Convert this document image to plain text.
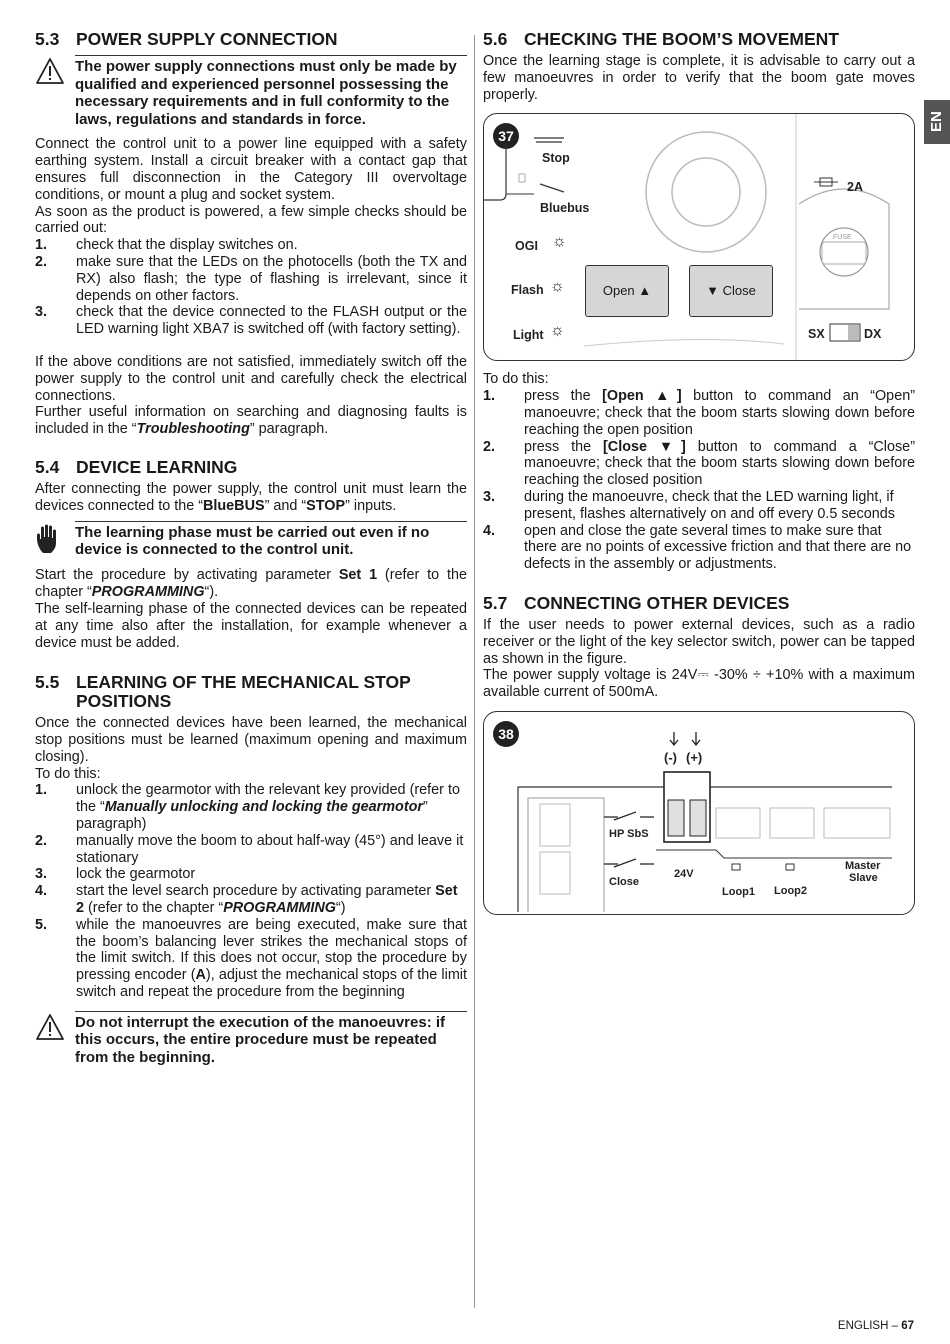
EN
5.3 POWER SUPPLY CONNECTION
The power supply connections must only be made by qualified and experienced personnel possessing the necessary requirements and in full conformity to the laws, regulations and standards in force.

Connect the control unit to a power line equipped with a safety earthing system. Install a circuit breaker with a contact gap that ensures full disconnection in the Category III overvoltage conditions, or mount a plug and socket system.

As soon as the product is powered, a few simple checks should be carried out:

1.	check that the display switches on.
2.	make sure that the LEDs on the photocells (both the TX and RX) also flash; the type of flashing is irrelevant, since it depends on other factors.
3.	check that the device connected to the FLASH output or the LED warning light XBA7 is switched off (with factory setting).

If the above conditions are not satisfied, immediately switch off the power supply to the control unit and carefully check the electrical connections.

Further useful information on searching and diagnosing faults is included in the “Troubleshooting” paragraph.

5.4 DEVICE LEARNING

After connecting the power supply, the control unit must learn the devices connected to the “BlueBUS” and “STOP” inputs.

The learning phase must be carried out even if no device is connected to the control unit.

Start the procedure by activating parameter Set 1 (refer to the chapter “PROGRAMMING“).

The self-learning phase of the connected devices can be repeated at any time also after the installation, for example whenever a device must be added.

5.5 LEARNING OF THE MECHANICAL STOP POSITIONS

Once the connected devices have been learned, the mechanical stop positions must be learned (maximum opening and maximum closing).

To do this:

1.	unlock the gearmotor with the relevant key provided (refer to the “Manually unlocking and locking the gearmotor” paragraph)
2.	manually move the boom to about half-way (45°) and leave it stationary
3.	lock the gearmotor
4.	start the level search procedure by activating parameter Set 2 (refer to the chapter “PROGRAMMING“)
5.	while the manoeuvres are being executed, make sure that the boom’s balancing lever strikes the mechanical stops of the limit switch. If this does not occur, stop the procedure by pressing encoder (A), adjust the mechanical stops of the limit switch and repeat the procedure from the beginning
Do not interrupt the execution of the manoeuvres: if this occurs, the entire procedure must be repeated from the beginning.
5.6 CHECKING THE BOOM’S MOVEMENT

Once the learning stage is complete, it is advisable to carry out a few manoeuvres in order to verify that the boom gate moves properly.

37
Stop
Bluebus
OGI
Flash
Light
☼
☼
☼
2A
FUSE
Open ▲	▼ Close
SX	DX

To do this:

1.	press the [Open ▲] button to command an “Open” manoeuvre; check that the boom starts slowing down before reaching the open position
2.	press the [Close ▼] button to command a “Close” manoeuvre; check that the boom starts slowing down before reaching the closed position
3.	during the manoeuvre, check that the LED warning light, if present, flashes alternatively on and off every 0.5 seconds
4.	open and close the gate several times to make sure that there are no points of excessive friction and that there are no defects in the assembly or adjustments.
5.7 CONNECTING OTHER DEVICES

If the user needs to power external devices, such as a radio receiver or the light of the key selector switch, power can be tapped as shown in the figure.

The power supply voltage is 24V⎓ -30% ÷ +10% with a maximum available current of 500mA.

38
(-) (+)
HP SbS
Close
24V
Loop1 Loop2
Master
Slave
ENGLISH – 67
